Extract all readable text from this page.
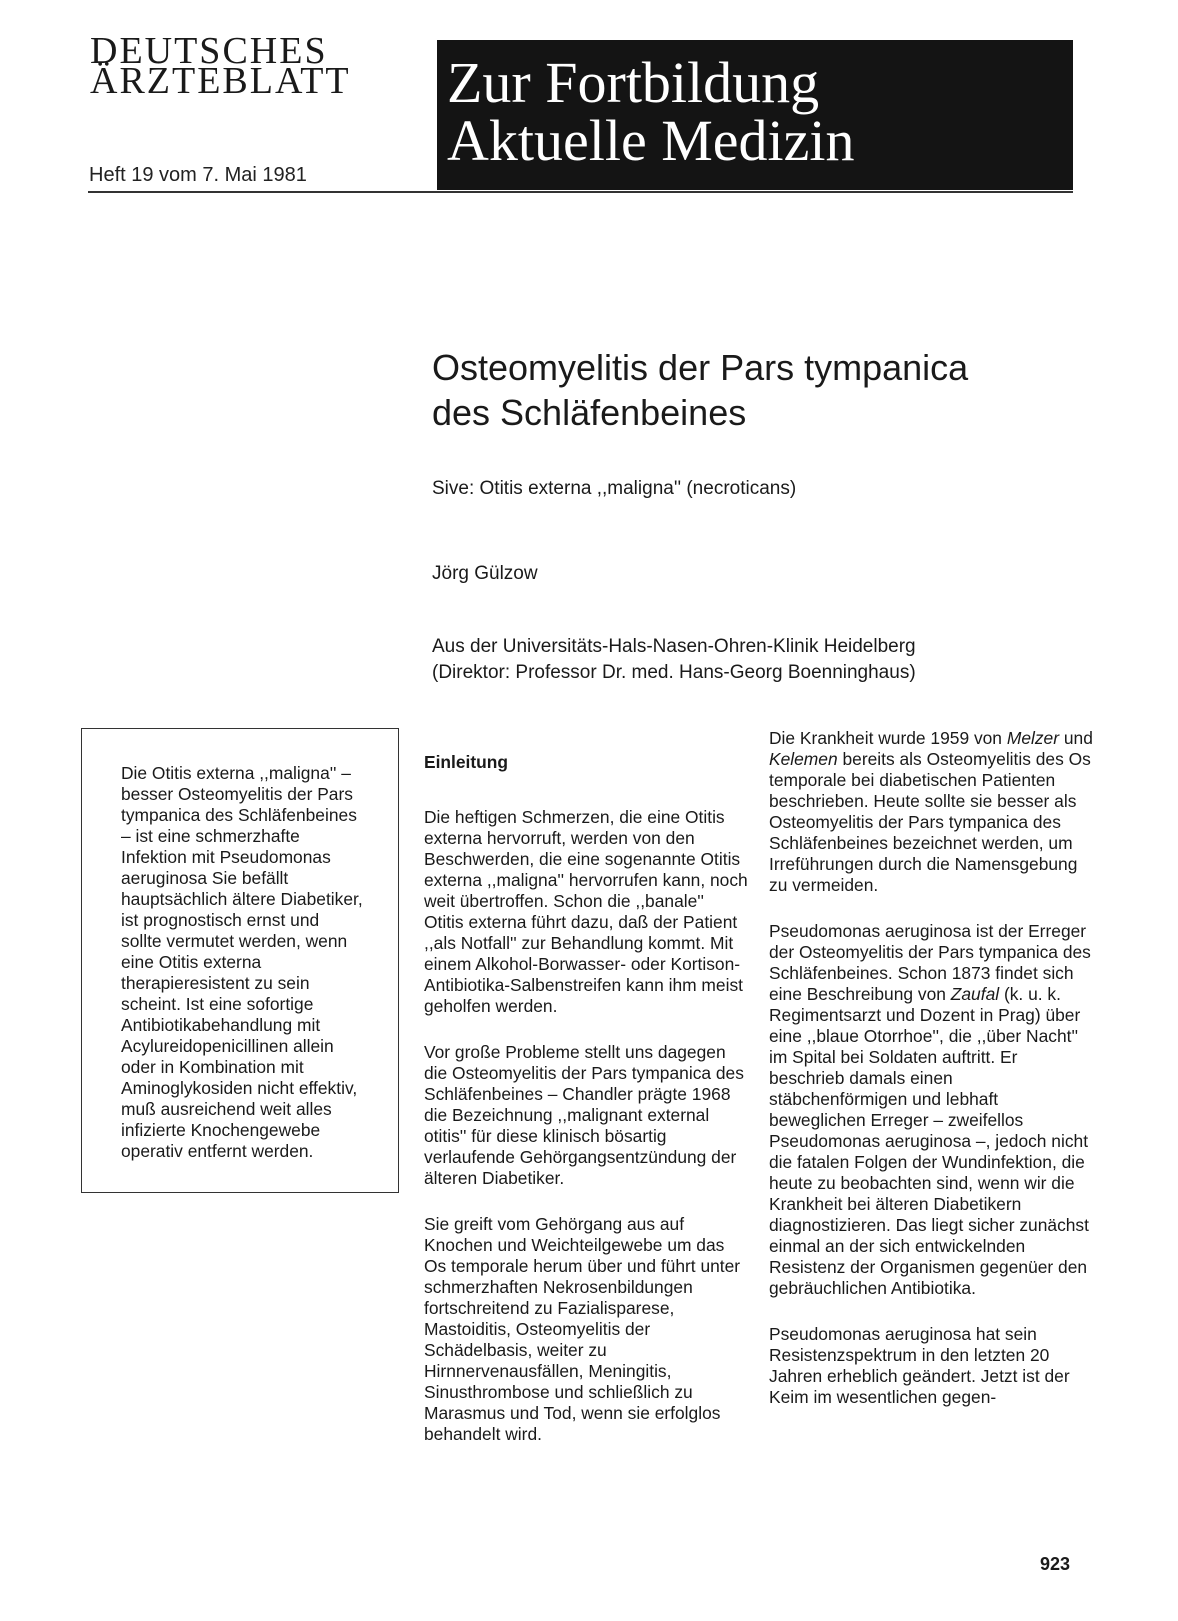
DEUTSCHES
ÄRZTEBLATT
Heft 19 vom 7. Mai 1981
Zur Fortbildung
Aktuelle Medizin
Osteomyelitis der Pars tympanica
des Schläfenbeines
Sive: Otitis externa ,,maligna'' (necroticans)
Jörg Gülzow
Aus der Universitäts-Hals-Nasen-Ohren-Klinik Heidelberg
(Direktor: Professor Dr. med. Hans-Georg Boenninghaus)
Die Otitis externa ,,maligna'' – besser Osteomyelitis der Pars tympanica des Schläfenbeines – ist eine schmerzhafte Infektion mit Pseudomonas aeruginosa Sie befällt hauptsächlich ältere Diabetiker, ist prognostisch ernst und sollte vermutet werden, wenn eine Otitis externa therapieresistent zu sein scheint. Ist eine sofortige Antibiotikabehandlung mit Acylureidopenicillinen allein oder in Kombination mit Aminoglykosiden nicht effektiv, muß ausreichend weit alles infizierte Knochengewebe operativ entfernt werden.
Einleitung

Die heftigen Schmerzen, die eine Otitis externa hervorruft, werden von den Beschwerden, die eine sogenannte Otitis externa ,,maligna'' hervorrufen kann, noch weit übertroffen. Schon die ,,banale'' Otitis externa führt dazu, daß der Patient ,,als Notfall'' zur Behandlung kommt. Mit einem Alkohol-Borwasser- oder Kortison-Antibiotika-Salbenstreifen kann ihm meist geholfen werden.

Vor große Probleme stellt uns dagegen die Osteomyelitis der Pars tympanica des Schläfenbeines – Chandler prägte 1968 die Bezeichnung ,,malignant external otitis'' für diese klinisch bösartig verlaufende Gehörgangsentzündung der älteren Diabetiker.

Sie greift vom Gehörgang aus auf Knochen und Weichteilgewebe um das Os temporale herum über und führt unter schmerzhaften Nekrosenbildungen fortschreitend zu Fazialisparese, Mastoiditis, Osteomyelitis der Schädelbasis, weiter zu Hirnnervenausfällen, Meningitis, Sinusthrombose und schließlich zu Marasmus und Tod, wenn sie erfolglos behandelt wird.

Die Krankheit wurde 1959 von Melzer und Kelemen bereits als Osteomyelitis des Os temporale bei diabetischen Patienten beschrieben. Heute sollte sie besser als Osteomyelitis der Pars tympanica des Schläfenbeines bezeichnet werden, um Irreführungen durch die Namensgebung zu vermeiden.

Pseudomonas aeruginosa ist der Erreger der Osteomyelitis der Pars tympanica des Schläfenbeines. Schon 1873 findet sich eine Beschreibung von Zaufal (k. u. k. Regimentsarzt und Dozent in Prag) über eine ,,blaue Otorrhoe'', die ,,über Nacht'' im Spital bei Soldaten auftritt. Er beschrieb damals einen stäbchenförmigen und lebhaft beweglichen Erreger – zweifellos Pseudomonas aeruginosa –, jedoch nicht die fatalen Folgen der Wundinfektion, die heute zu beobachten sind, wenn wir die Krankheit bei älteren Diabetikern diagnostizieren. Das liegt sicher zunächst einmal an der sich entwickelnden Resistenz der Organismen gegenüer den gebräuchlichen Antibiotika.

Pseudomonas aeruginosa hat sein Resistenzspektrum in den letzten 20 Jahren erheblich geändert. Jetzt ist der Keim im wesentlichen gegen-

923
